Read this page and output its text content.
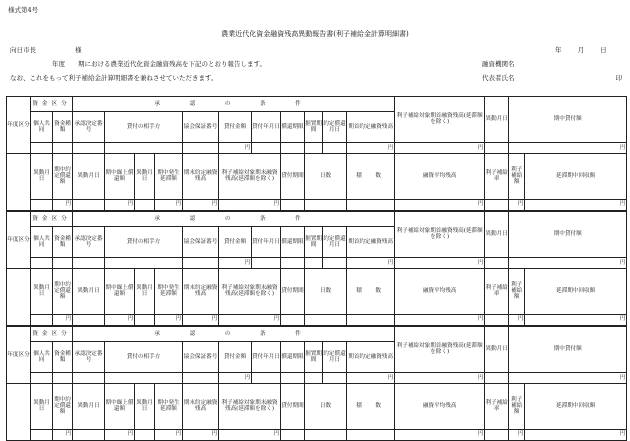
様式第4号
農業近代化資金融資残高異動報告書(利子補給金計算明細書)
向日市長　　　　　　様	年 月 日
年度　　期における農業近代化資金融資残高を下記のとおり報告します。	融資機関名
なお、これをもって利子補給金計算明細書を兼ねさせていただきます。	代表者氏名	印
年度区分	資金区分		承　認　の　条　件											利子補給対象期首融資残高(延滞額を除く)	異動月日	期中貸付額	
	個人共同	資金種類	承認決定番号	貸付の相手方			協会保証番号	貸付金額	貸付年月日	償還期限	据置期間	約定償還月日	期首約定融資残高					
								円					円	円		円	
	異動月日	期中約定償還額	異動月日	期中繰上償還額	異動月日	期中発生延滞額	期末約定融資残高	利子補給対象期末融資残高(延滞額を除く)		貸付期間	日数		積　数	融資平均残高	利子補給率	利子補給額	延滞期中回収額	
		円		円		円	円	円						円		円	円	
年度区分	資金区分		承　認　の　条　件											利子補給対象期首融資残高(延滞額を除く)	異動月日	期中貸付額	
	個人共同	資金種類	承認決定番号	貸付の相手方			協会保証番号	貸付金額	貸付年月日	償還期限	据置期間	約定償還月日	期首約定融資残高					
								円					円	円		円	
	異動月日	期中約定償還額	異動月日	期中繰上償還額	異動月日	期中発生延滞額	期末約定融資残高	利子補給対象期末融資残高(延滞額を除く)		貸付期間	日数		積　数	融資平均残高	利子補給率	利子補給額	延滞期中回収額	
		円		円		円	円	円						円		円	円	
年度区分	資金区分		承　認　の　条　件											利子補給対象期首融資残高(延滞額を除く)	異動月日	期中貸付額	
	個人共同	資金種類	承認決定番号	貸付の相手方			協会保証番号	貸付金額	貸付年月日	償還期限	据置期間	約定償還月日	期首約定融資残高					
								円					円	円		円	
	異動月日	期中約定償還額	異動月日	期中繰上償還額	異動月日	期中発生延滞額	期末約定融資残高	利子補給対象期末融資残高(延滞額を除く)		貸付期間	日数		積　数	融資平均残高	利子補給率	利子補給額	延滞期中回収額	
		円		円		円	円	円						円		円	円	
